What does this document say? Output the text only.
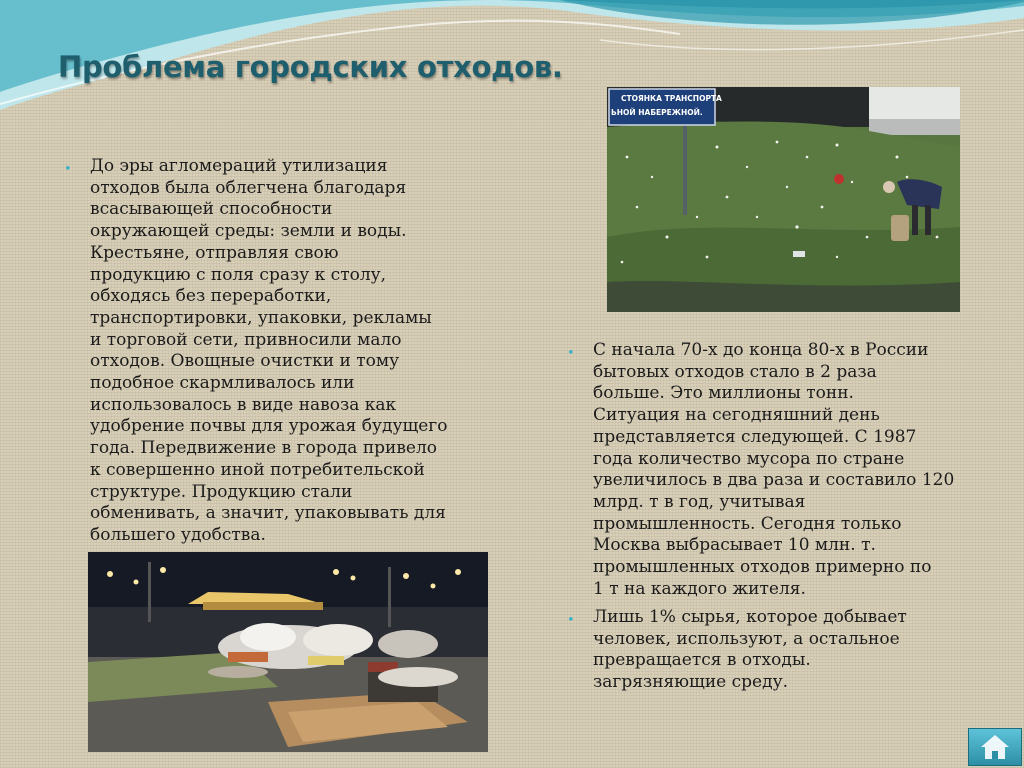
Проблема городских отходов.
• До эры агломераций утилизация
отходов была облегчена благодаря
всасывающей способности
окружающей среды: земли и воды.
Крестьяне, отправляя свою
продукцию с поля сразу к столу,
обходясь без переработки,
транспортировки, упаковки, рекламы
и торговой сети, привносили мало
отходов. Овощные очистки и тому
подобное скармливалось или
использовалось в виде навоза как
удобрение почвы для урожая будущего
года. Передвижение в города привело
к совершенно иной потребительской
структуре. Продукцию стали
обменивать, а значит, упаковывать для
большего удобства.
• С начала 70-х до конца 80-х в России
бытовых отходов стало в 2 раза
больше. Это миллионы тонн.
Ситуация на сегодняшний день
представляется следующей. С 1987
года количество мусора по стране
увеличилось в два раза и составило 120
млрд. т в год, учитывая
промышленность. Сегодня только
Москва выбрасывает 10 млн. т.
промышленных отходов примерно по
1 т на каждого жителя.
• Лишь 1% сырья, которое добывает
человек, используют, а остальное
превращается в отходы.
загрязняющие среду.
СТОЯНКА ТРАНСПОРТА
ЬНОЙ НАБЕРЕЖНОЙ.
